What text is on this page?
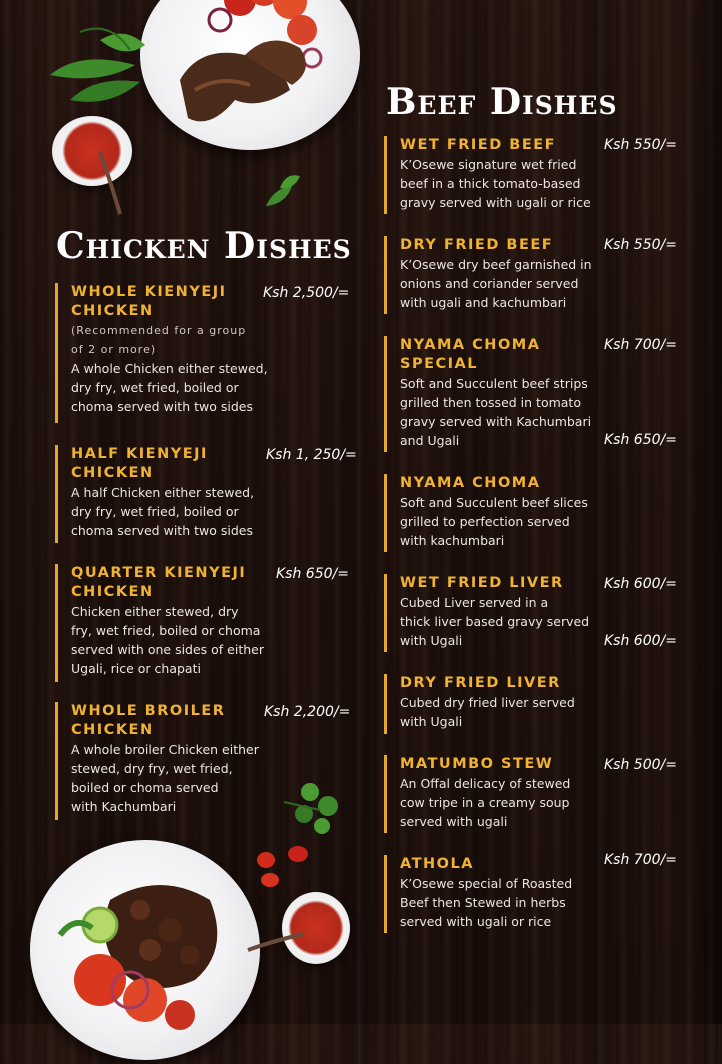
Beef Dishes
Chicken Dishes
WHOLE KIENYEJI
CHICKEN
(Recommended for a group
of 2 or more)
A whole Chicken either stewed,
dry fry, wet fried, boiled or
choma served with two sides
Ksh 2,500/=
HALF KIENYEJI
CHICKEN
A half Chicken either stewed,
dry fry, wet fried, boiled or
choma served with two sides
Ksh 1, 250/=
QUARTER KIENYEJI
CHICKEN
Chicken either stewed, dry
fry, wet fried, boiled or choma
served with one sides of either
Ugali, rice or chapati
Ksh 650/=
WHOLE BROILER
CHICKEN
A whole broiler Chicken either
stewed, dry fry, wet fried,
boiled or choma served
with Kachumbari
Ksh 2,200/=
WET FRIED BEEF
K’Osewe signature wet fried
beef in a thick tomato-based
gravy served with ugali or rice
Ksh 550/=
DRY FRIED BEEF
K’Osewe dry beef garnished in
onions and coriander served
with ugali and kachumbari
Ksh 550/=
NYAMA CHOMA
SPECIAL
Soft and Succulent beef strips
grilled then tossed in tomato
gravy served with Kachumbari
and Ugali
Ksh 700/=
Ksh 650/=
NYAMA CHOMA
Soft and Succulent beef slices
grilled to perfection served
with kachumbari
WET FRIED LIVER
Cubed Liver served in a
thick liver based gravy served
with Ugali
Ksh 600/=
Ksh 600/=
DRY FRIED LIVER
Cubed dry fried liver served
with Ugali
MATUMBO STEW
An Offal delicacy of stewed
cow tripe in a creamy soup
served with ugali
Ksh 500/=
ATHOLA
K’Osewe special of Roasted
Beef then Stewed in herbs
served with ugali or rice
Ksh 700/=
